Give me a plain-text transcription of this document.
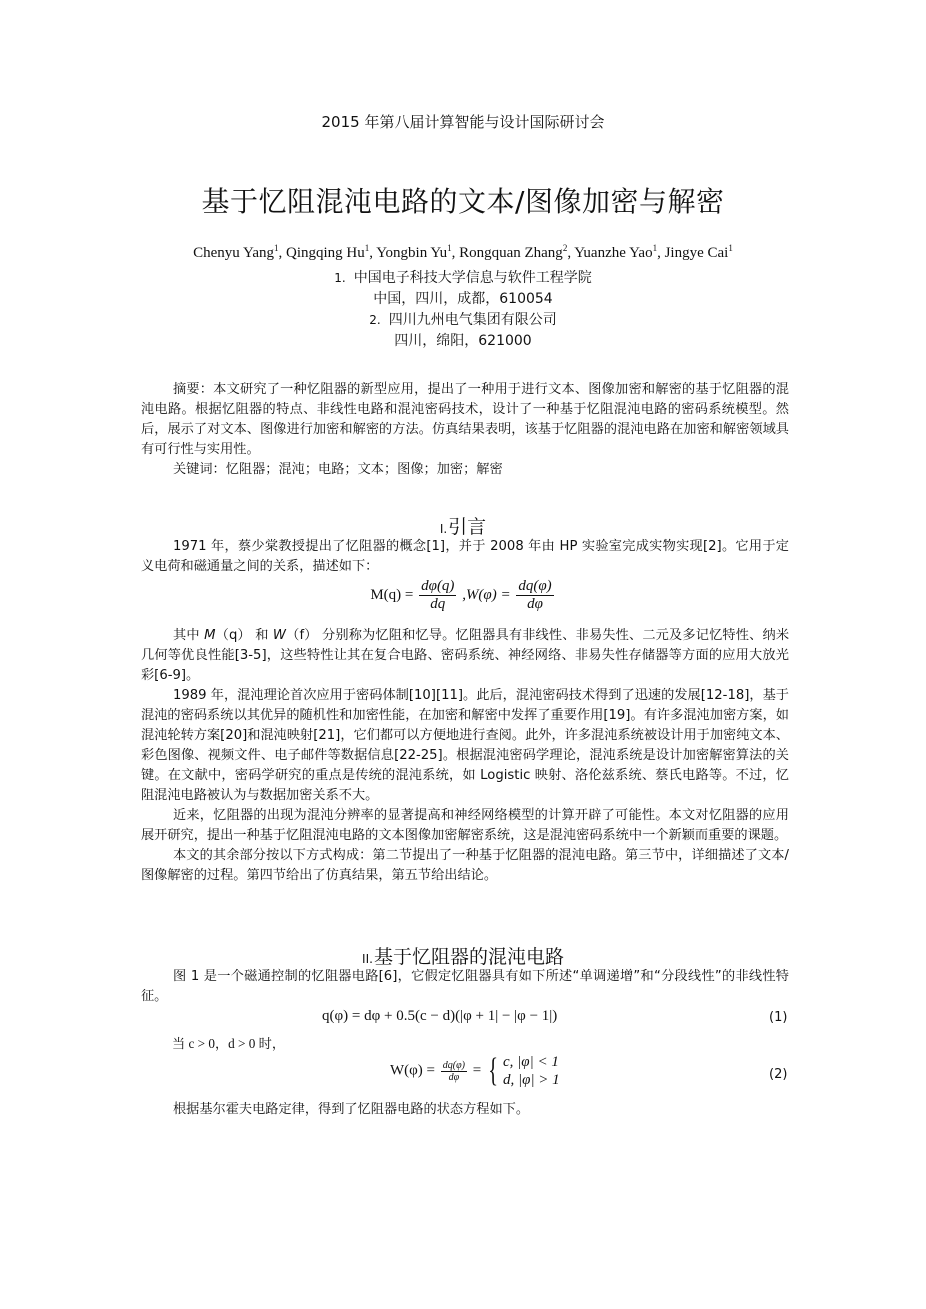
2015 年第八届计算智能与设计国际研讨会
基于忆阻混沌电路的文本/图像加密与解密
Chenyu Yang$^1$, Qingqing Hu$^1$, Yongbin Yu$^1$, Rongquan Zhang$^2$, Yuanzhe Yao$^1$, Jingye Cai$^1$
1. 中国电子科技大学信息与软件工程学院
中国，四川，成都，610054
2. 四川九州电气集团有限公司
四川，绵阳，621000

摘要：本文研究了一种忆阻器的新型应用，提出了一种用于进行文本、图像加密和解密的基于忆阻器的混沌电路。根据忆阻器的特点、非线性电路和混沌密码技术，设计了一种基于忆阻混沌电路的密码系统模型。然后，展示了对文本、图像进行加密和解密的方法。仿真结果表明，该基于忆阻器的混沌电路在加密和解密领域具有可行性与实用性。

关键词：忆阻器；混沌；电路；文本；图像；加密；解密

I.引言

1971 年，蔡少棠教授提出了忆阻器的概念[1]，并于 2008 年由 HP 实验室完成实物实现[2]。它用于定义电荷和磁通量之间的关系，描述如下：

$M(q) = \frac{d\varphi(q)}{dq} ,W(\varphi) = \frac{dq(\varphi)}{d\varphi}$

其中 M（q） 和 W（f） 分别称为忆阻和忆导。忆阻器具有非线性、非易失性、二元及多记忆特性、纳米几何等优良性能[3-5]，这些特性让其在复合电路、密码系统、神经网络、非易失性存储器等方面的应用大放光彩[6-9]。

1989 年，混沌理论首次应用于密码体制[10][11]。此后，混沌密码技术得到了迅速的发展[12-18]，基于混沌的密码系统以其优异的随机性和加密性能，在加密和解密中发挥了重要作用[19]。有许多混沌加密方案，如混沌轮转方案[20]和混沌映射[21]，它们都可以方便地进行查阅。此外，许多混沌系统被设计用于加密纯文本、彩色图像、视频文件、电子邮件等数据信息[22-25]。根据混沌密码学理论，混沌系统是设计加密解密算法的关键。在文献中，密码学研究的重点是传统的混沌系统，如 Logistic 映射、洛伦兹系统、蔡氏电路等。不过，忆阻混沌电路被认为与数据加密关系不大。

近来，忆阻器的出现为混沌分辨率的显著提高和神经网络模型的计算开辟了可能性。本文对忆阻器的应用展开研究，提出一种基于忆阻混沌电路的文本图像加密解密系统，这是混沌密码系统中一个新颖而重要的课题。

本文的其余部分按以下方式构成：第二节提出了一种基于忆阻器的混沌电路。第三节中，详细描述了文本/图像解密的过程。第四节给出了仿真结果，第五节给出结论。

II.基于忆阻器的混沌电路

图 1 是一个磁通控制的忆阻器电路[6]，它假定忆阻器具有如下所述“单调递增”和“分段线性”的非线性特征。

q(φ) = dφ + 0.5(c − d)(|φ + 1| − |φ − 1|)	(1)
当 c > 0，d > 0 时，
$W(\varphi) = \frac{dq(\varphi)}{d\varphi}$ = { c, |φ| < 1
d, |φ| > 1	(2)

根据基尔霍夫电路定律，得到了忆阻器电路的状态方程如下。
